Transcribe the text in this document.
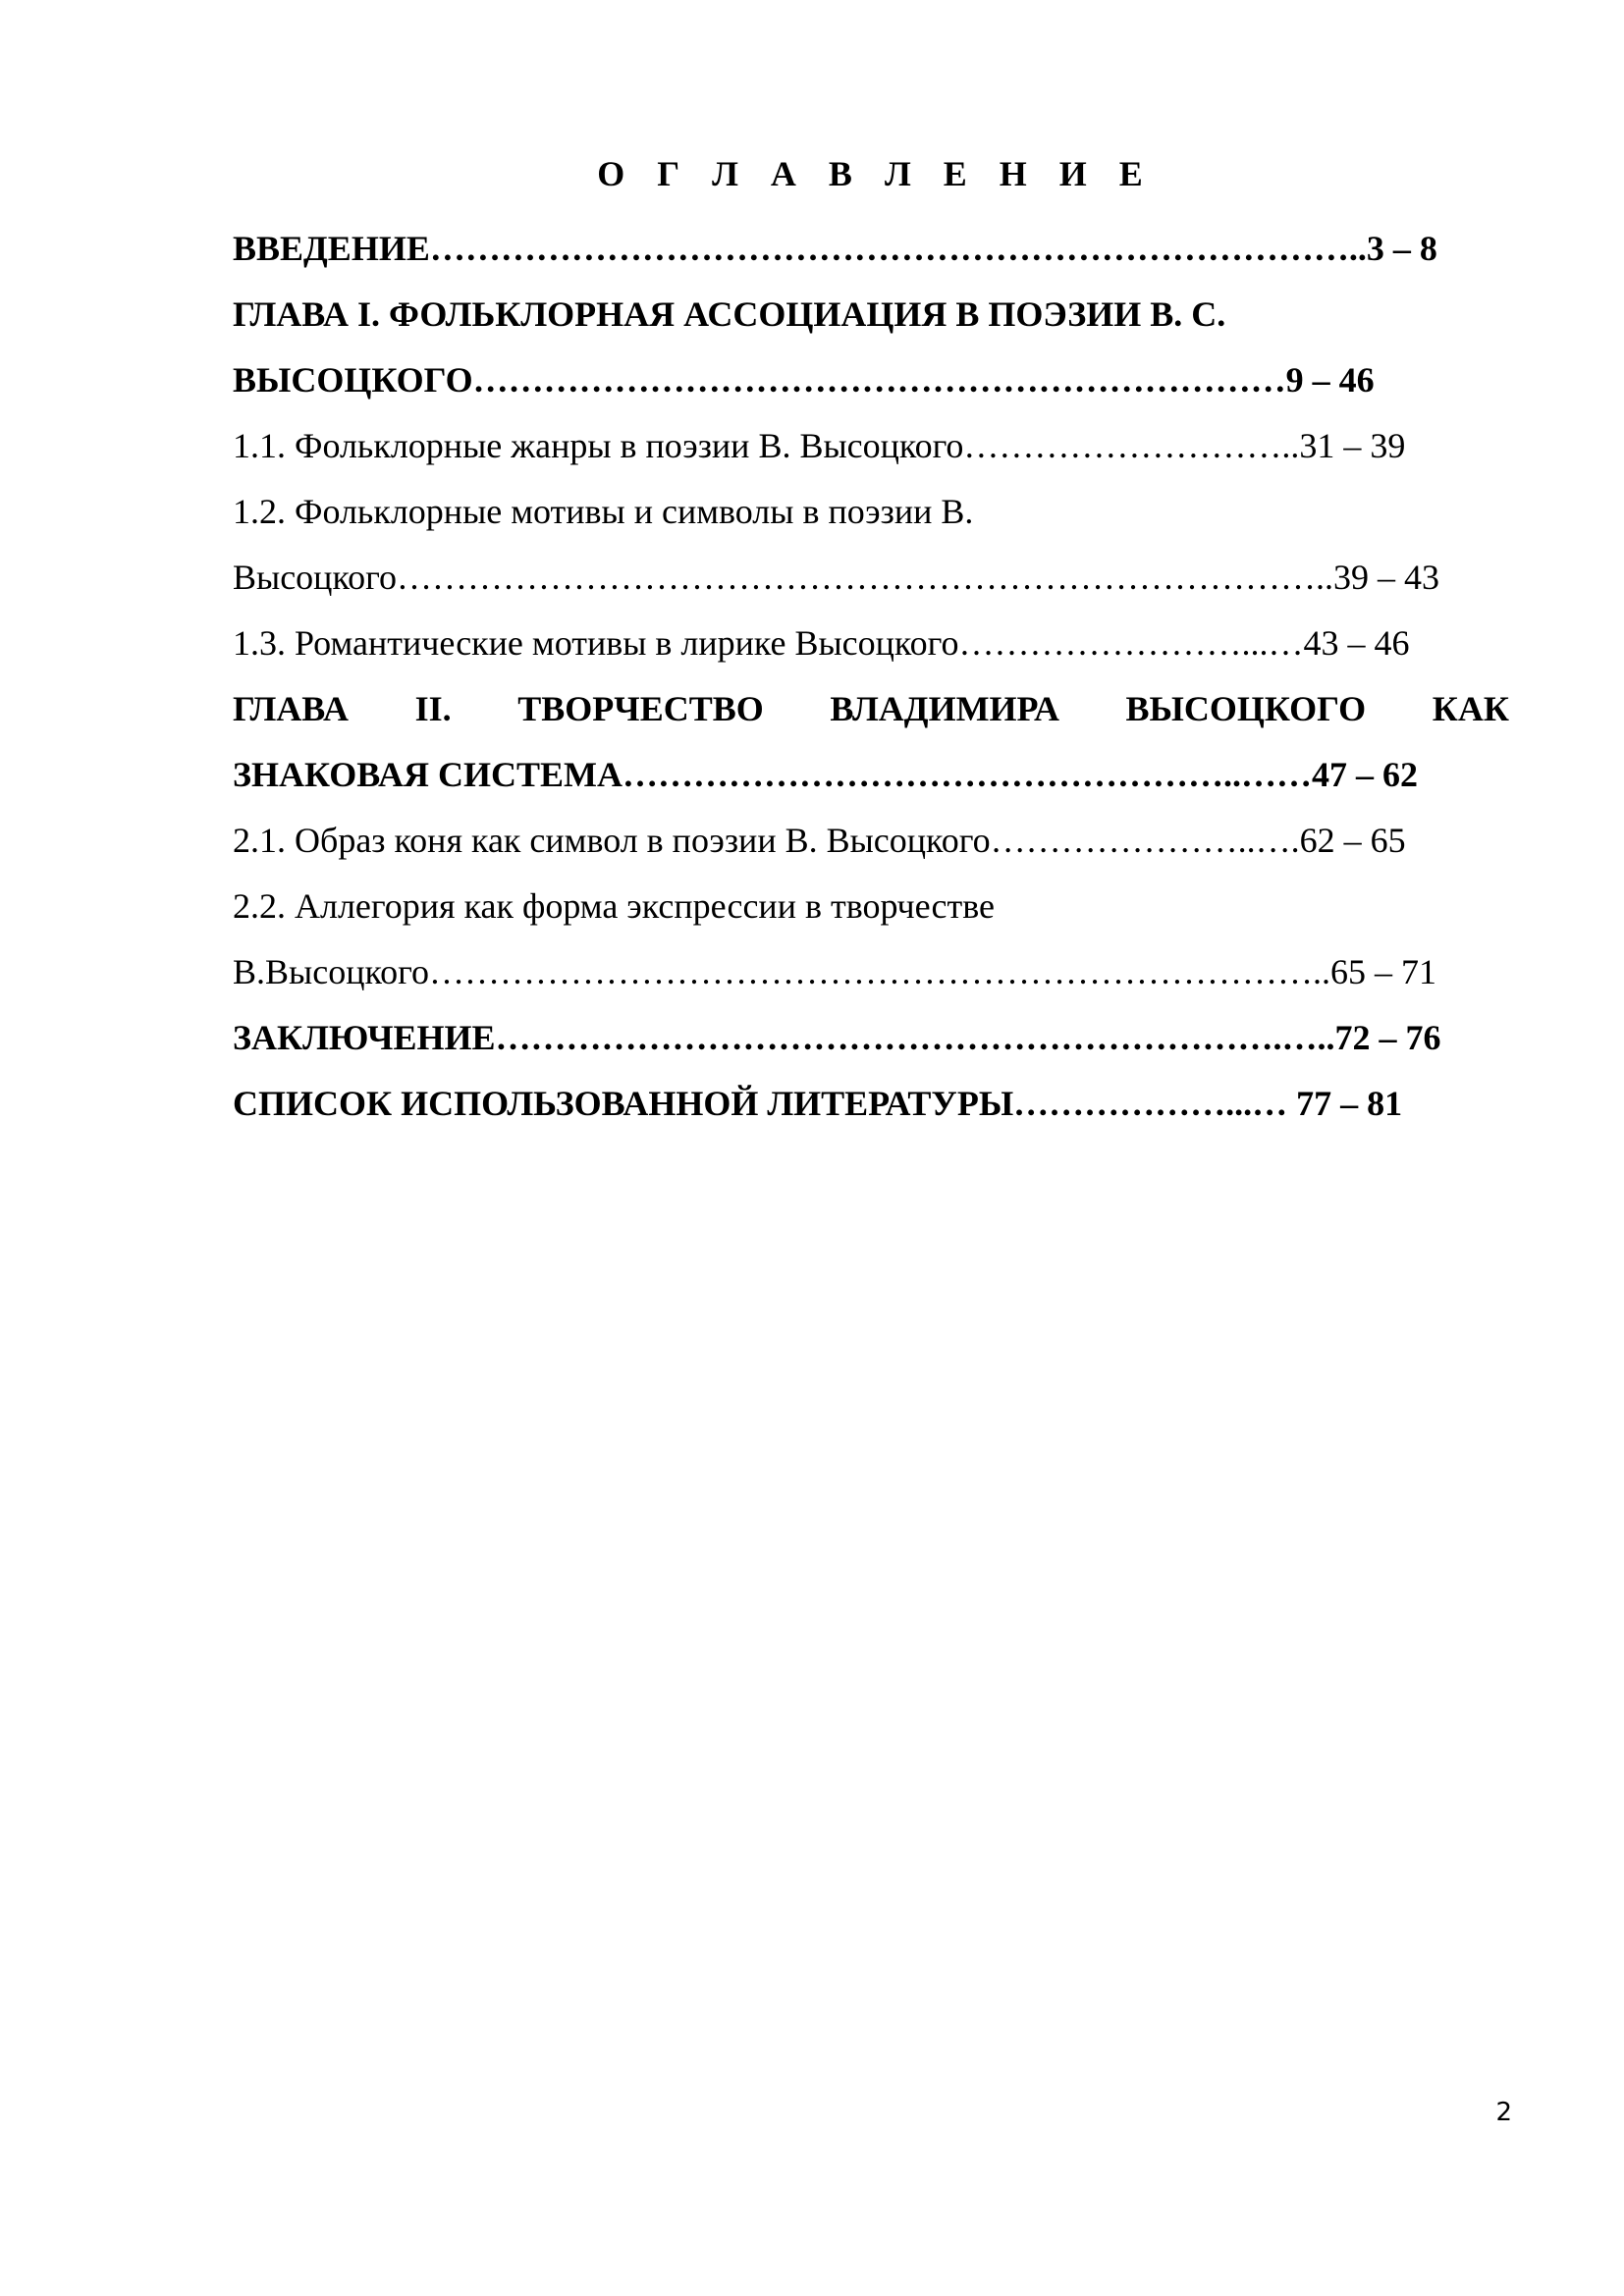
О Г Л А В Л Е Н И Е
ВВЕДЕНИЕ……………………………………………………………………..3 – 8
ГЛАВА I. ФОЛЬКЛОРНАЯ АССОЦИАЦИЯ В ПОЭЗИИ В. С.
ВЫСОЦКОГО……………………………………………………………9 – 46
1.1. Фольклорные жанры в поэзии В. Высоцкого………………………..31 – 39
1.2. Фольклорные мотивы и символы в поэзии В.
Высоцкого……………………………………………………………………..39 – 43
1.3. Романтические мотивы в лирике Высоцкого……………………...…43 – 46
ГЛАВА II. ТВОРЧЕСТВО ВЛАДИМИРА ВЫСОЦКОГО КАК
ЗНАКОВАЯ СИСТЕМА……………………………………………..……47 – 62
2.1. Образ коня как символ в поэзии В. Высоцкого…………………..….62 – 65
2.2. Аллегория как форма экспрессии в творчестве
В.Высоцкого…………………………………………………………………..65 – 71
ЗАКЛЮЧЕНИЕ………………………………………………………….…..72 – 76
СПИСОК ИСПОЛЬЗОВАННОЙ ЛИТЕРАТУРЫ………………...… 77 – 81
2
